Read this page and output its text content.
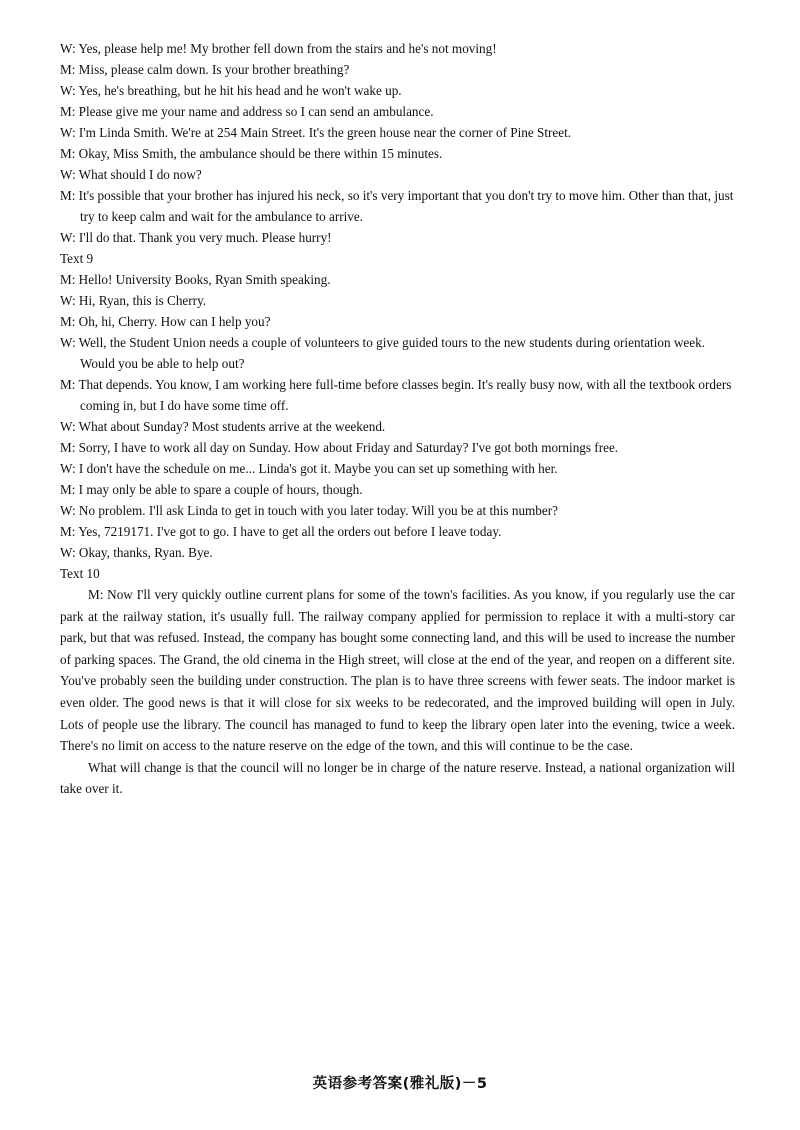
W: Yes, please help me! My brother fell down from the stairs and he's not moving!

M: Miss, please calm down. Is your brother breathing?

W: Yes, he's breathing, but he hit his head and he won't wake up.

M: Please give me your name and address so I can send an ambulance.

W: I'm Linda Smith. We're at 254 Main Street. It's the green house near the corner of Pine Street.

M: Okay, Miss Smith, the ambulance should be there within 15 minutes.

W: What should I do now?

M: It's possible that your brother has injured his neck, so it's very important that you don't try to move him. Other than that, just try to keep calm and wait for the ambulance to arrive.

W: I'll do that. Thank you very much. Please hurry!

Text 9

M: Hello! University Books, Ryan Smith speaking.

W: Hi, Ryan, this is Cherry.

M: Oh, hi, Cherry. How can I help you?

W: Well, the Student Union needs a couple of volunteers to give guided tours to the new students during orientation week. Would you be able to help out?

M: That depends. You know, I am working here full-time before classes begin. It's really busy now, with all the textbook orders coming in, but I do have some time off.

W: What about Sunday? Most students arrive at the weekend.

M: Sorry, I have to work all day on Sunday. How about Friday and Saturday? I've got both mornings free.

W: I don't have the schedule on me... Linda's got it. Maybe you can set up something with her.

M: I may only be able to spare a couple of hours, though.

W: No problem. I'll ask Linda to get in touch with you later today. Will you be at this number?

M: Yes, 7219171. I've got to go. I have to get all the orders out before I leave today.

W: Okay, thanks, Ryan. Bye.

Text 10

M: Now I'll very quickly outline current plans for some of the town's facilities. As you know, if you regularly use the car park at the railway station, it's usually full. The railway company applied for permission to replace it with a multi-story car park, but that was refused. Instead, the company has bought some connecting land, and this will be used to increase the number of parking spaces. The Grand, the old cinema in the High street, will close at the end of the year, and reopen on a different site. You've probably seen the building under construction. The plan is to have three screens with fewer seats. The indoor market is even older. The good news is that it will close for six weeks to be redecorated, and the improved building will open in July. Lots of people use the library. The council has managed to fund to keep the library open later into the evening, twice a week. There's no limit on access to the nature reserve on the edge of the town, and this will continue to be the case.

What will change is that the council will no longer be in charge of the nature reserve. Instead, a national organization will take over it.

英语参考答案(雅礼版)－5
